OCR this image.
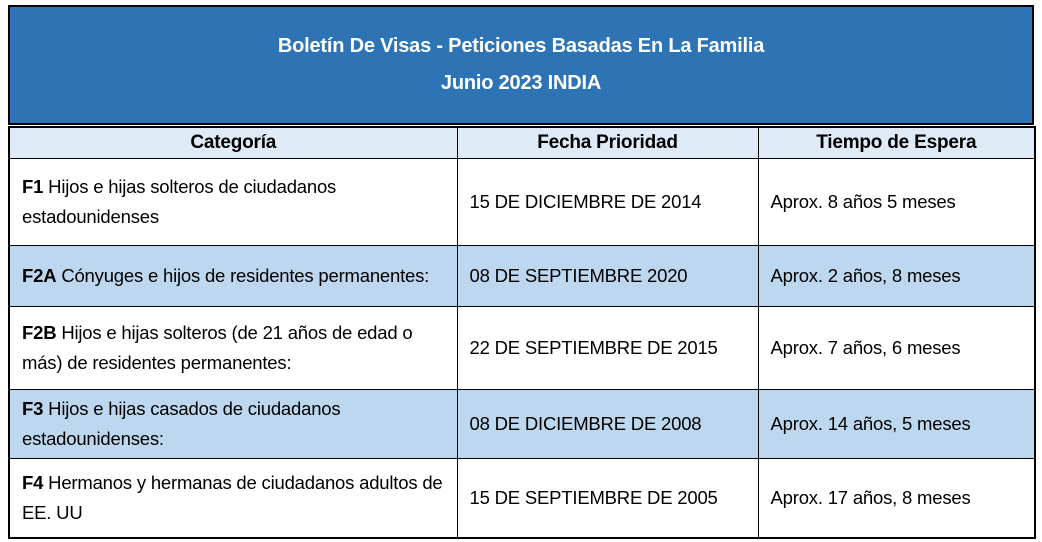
Boletín De Visas - Peticiones Basadas En La Familia
Junio 2023 INDIA
Categoría	Fecha Prioridad	Tiempo de Espera
F1 Hijos e hijas solteros de ciudadanos estadounidenses	15 DE DICIEMBRE DE 2014	Aprox. 8 años 5 meses
F2A Cónyuges e hijos de residentes permanentes:	08 DE SEPTIEMBRE 2020	Aprox. 2 años, 8 meses
F2B Hijos e hijas solteros (de 21 años de edad o más) de residentes permanentes:	22 DE SEPTIEMBRE DE 2015	Aprox. 7 años, 6 meses
F3 Hijos e hijas casados de ciudadanos estadounidenses:	08 DE DICIEMBRE DE 2008	Aprox. 14 años, 5 meses
F4 Hermanos y hermanas de ciudadanos adultos de EE. UU	15 DE SEPTIEMBRE DE 2005	Aprox. 17 años, 8 meses
